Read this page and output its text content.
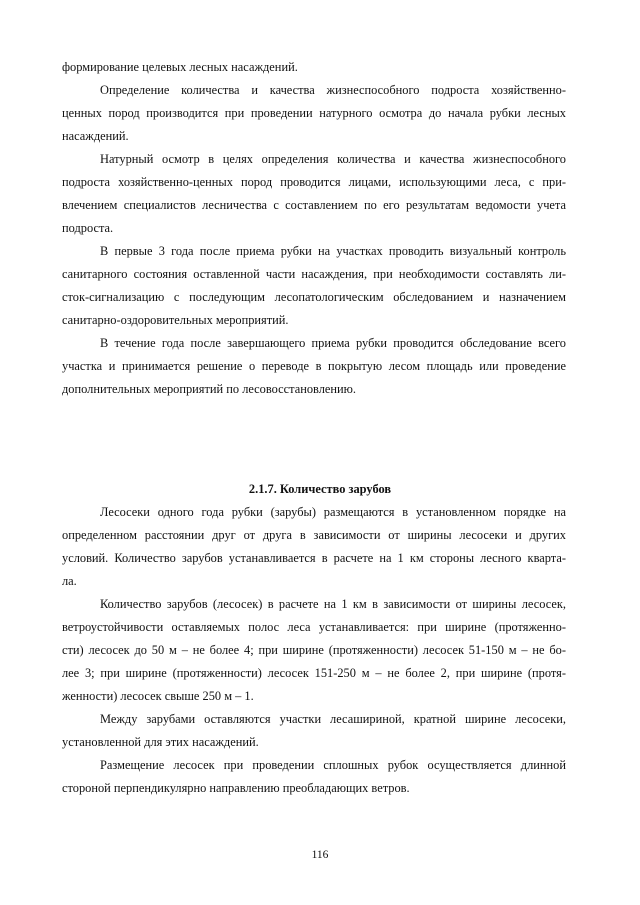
формирование целевых лесных насаждений.

Определение количества и качества жизнеспособного подроста хозяйственно-

ценных пород производится при проведении натурного осмотра до начала рубки лесных

насаждений.

Натурный осмотр в целях определения количества и качества жизнеспособного

подроста хозяйственно-ценных пород проводится лицами, использующими леса, с при-

влечением специалистов лесничества с составлением по его результатам ведомости учета

подроста.

В первые 3 года после приема рубки на участках проводить визуальный контроль

санитарного состояния оставленной части насаждения, при необходимости составлять ли-

сток-сигнализацию с последующим лесопатологическим обследованием и назначением

санитарно-оздоровительных мероприятий.

В течение года после завершающего приема рубки проводится обследование всего

участка и принимается решение о переводе в покрытую лесом площадь или проведение

дополнительных мероприятий по лесовосстановлению.

2.1.7. Количество зарубов

Лесосеки одного года рубки (зарубы) размещаются в установленном порядке на

определенном расстоянии друг от друга в зависимости от ширины лесосеки и других

условий. Количество зарубов устанавливается в расчете на 1 км стороны лесного кварта-

ла.

Количество зарубов (лесосек) в расчете на 1 км в зависимости от ширины лесосек,

ветроустойчивости оставляемых полос леса устанавливается: при ширине (протяженно-

сти) лесосек до 50 м – не более 4; при ширине (протяженности) лесосек 51-150 м – не бо-

лее 3; при ширине (протяженности) лесосек 151-250 м – не более 2, при ширине (протя-

женности) лесосек свыше 250 м – 1.

Между зарубами оставляются участки лесашириной, кратной ширине лесосеки,

установленной для этих насаждений.

Размещение лесосек при проведении сплошных рубок осуществляется длинной

стороной перпендикулярно направлению преобладающих ветров.

116
